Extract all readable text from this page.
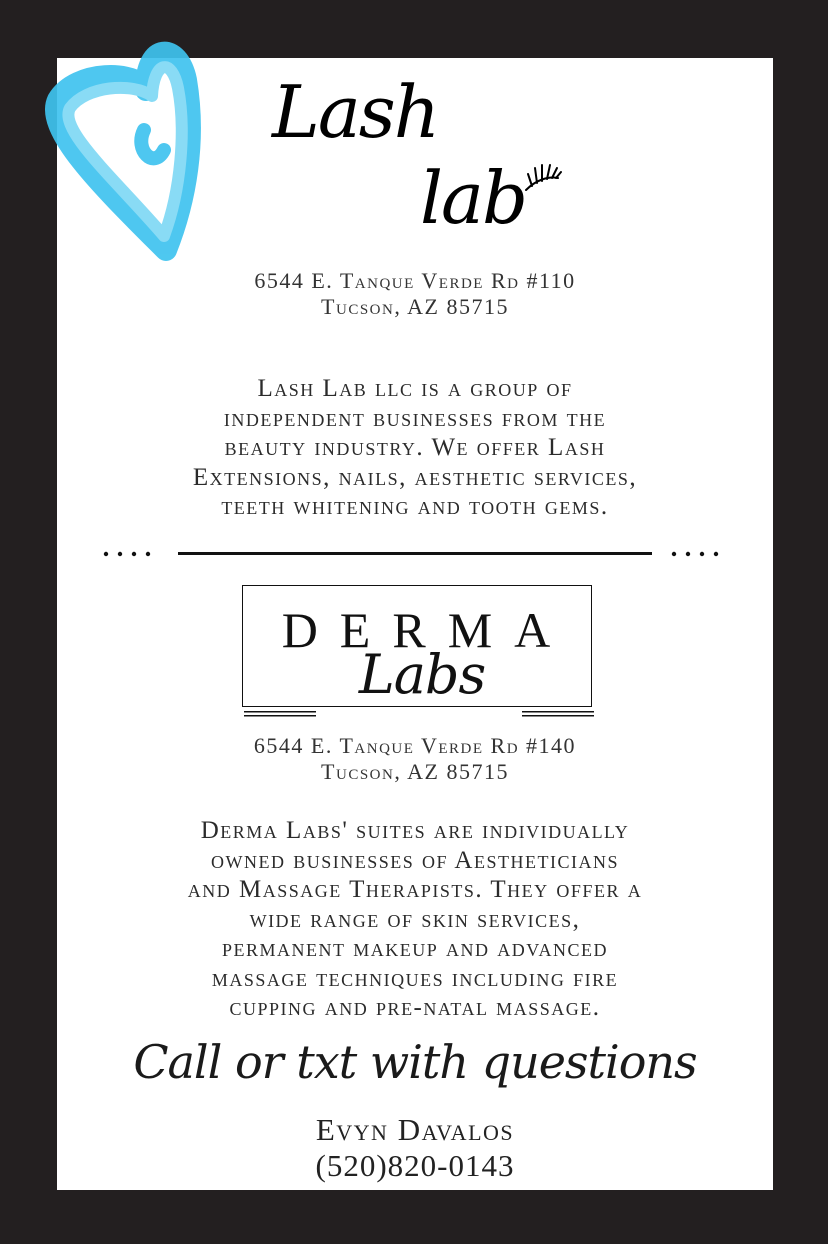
Lash
lab
6544 E. Tanque Verde Rd #110
Tucson, AZ 85715
Lash Lab llc is a group of
independent businesses from the
beauty industry. We offer Lash
Extensions, nails, aesthetic services,
teeth whitening and tooth gems.
DERMA
Labs
6544 E. Tanque Verde Rd #140
Tucson, AZ 85715
Derma Labs' suites are individually
owned businesses of Aestheticians
and Massage Therapists. They offer a
wide range of skin services,
permanent makeup and advanced
massage techniques including fire
cupping and pre-natal massage.
Call or txt with questions
Evyn Davalos
(520)820-0143
